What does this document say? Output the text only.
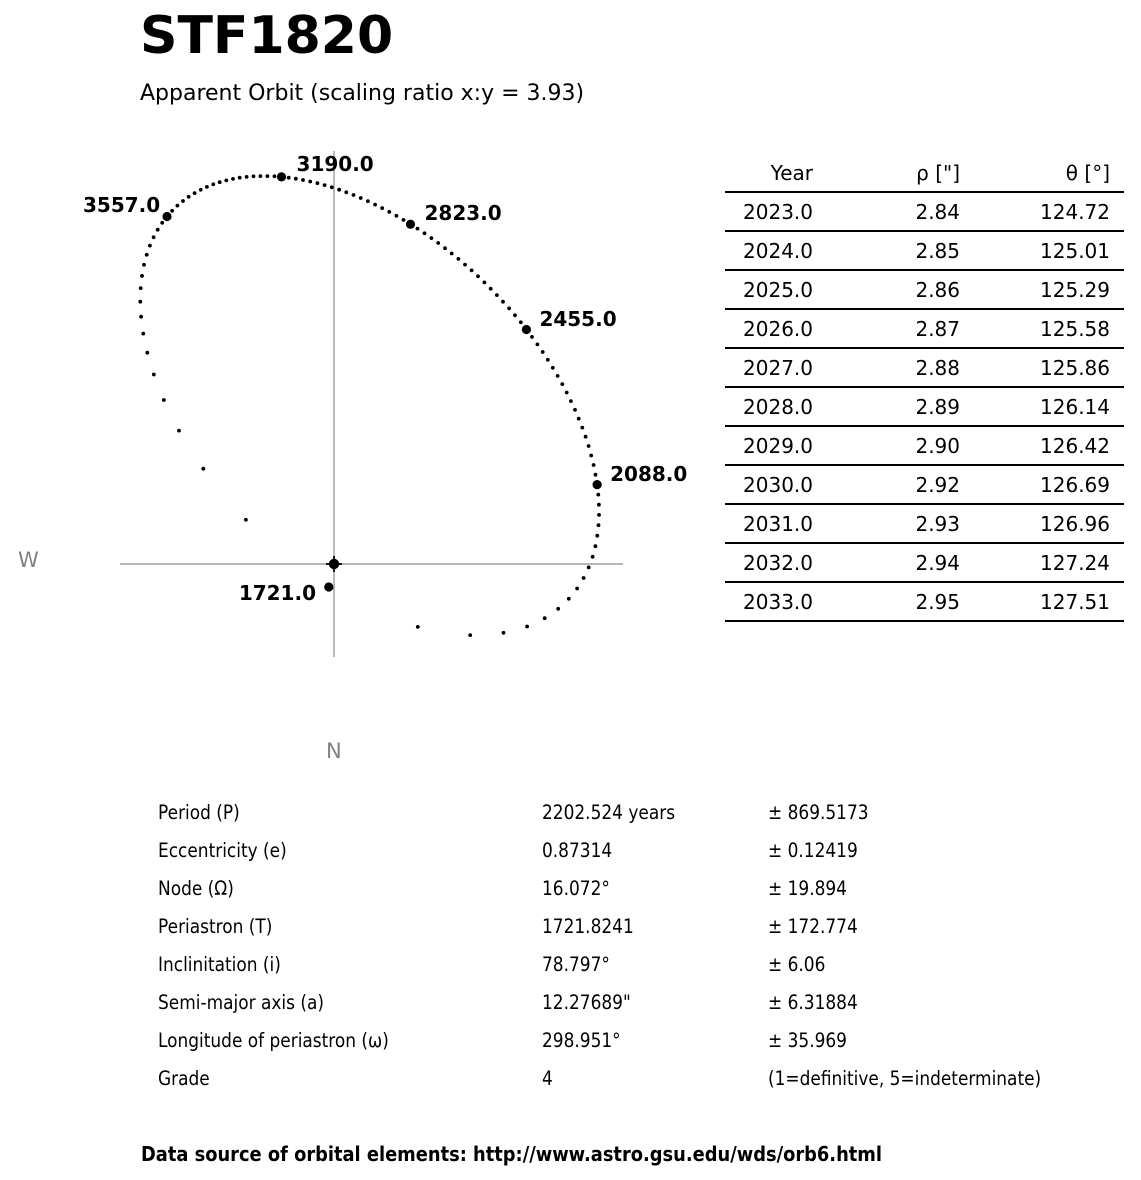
STF1820
Apparent Orbit (scaling ratio x:y = 3.93)
1721.0
2088.0
2455.0
2823.0
3190.0
3557.0
W
N
Year	ρ ["]	θ [°]
2023.0	2.84	124.72
2024.0	2.85	125.01
2025.0	2.86	125.29
2026.0	2.87	125.58
2027.0	2.88	125.86
2028.0	2.89	126.14
2029.0	2.90	126.42
2030.0	2.92	126.69
2031.0	2.93	126.96
2032.0	2.94	127.24
2033.0	2.95	127.51
Period (P)	2202.524 years	± 869.5173
Eccentricity (e)	0.87314	± 0.12419
Node (Ω)	16.072°	± 19.894
Periastron (T)	1721.8241	± 172.774
Inclinitation (i)	78.797°	± 6.06
Semi-major axis (a)	12.27689"	± 6.31884
Longitude of periastron (ω)	298.951°	± 35.969
Grade	4	(1=definitive, 5=indeterminate)
Data source of orbital elements: http://www.astro.gsu.edu/wds/orb6.html
